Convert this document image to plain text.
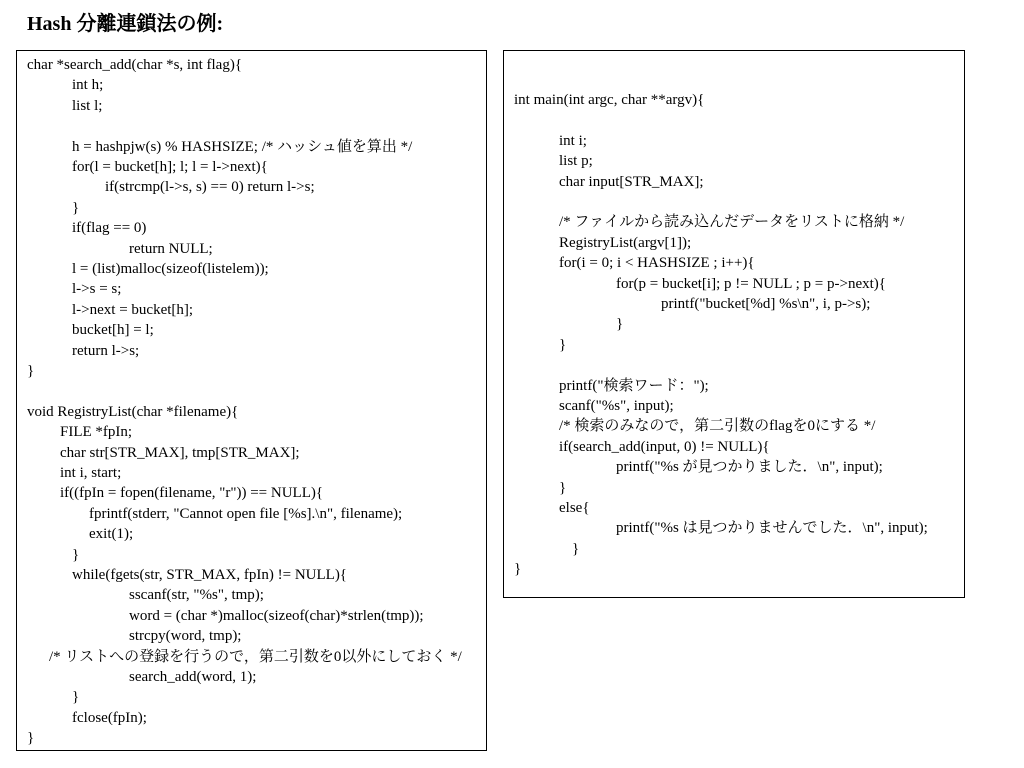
Hash 分離連鎖法の例:
char *search_add(char *s, int flag){
int h;
list l;
h = hashpjw(s) % HASHSIZE; /* ハッシュ値を算出 */
for(l = bucket[h]; l; l = l->next){
if(strcmp(l->s, s) == 0) return l->s;
}
if(flag == 0)
return NULL;
l = (list)malloc(sizeof(listelem));
l->s = s;
l->next = bucket[h];
bucket[h] = l;
return l->s;
}
void RegistryList(char *filename){
FILE *fpIn;
char str[STR_MAX], tmp[STR_MAX];
int i, start;
if((fpIn = fopen(filename, "r")) == NULL){
fprintf(stderr, "Cannot open file [%s].\n", filename);
exit(1);
}
while(fgets(str, STR_MAX, fpIn) != NULL){
sscanf(str, "%s", tmp);
word = (char *)malloc(sizeof(char)*strlen(tmp));
strcpy(word, tmp);
/* リストへの登録を行うので，第二引数を0以外にしておく */
search_add(word, 1);
}
fclose(fpIn);
}
int main(int argc, char **argv){
int i;
list p;
char input[STR_MAX];
/* ファイルから読み込んだデータをリストに格納 */
RegistryList(argv[1]);
for(i = 0; i < HASHSIZE ; i++){
for(p = bucket[i]; p != NULL ; p = p->next){
printf("bucket[%d] %s\n", i, p->s);
}
}
printf("検索ワード：");
scanf("%s", input);
/* 検索のみなので，第二引数のflagを0にする */
if(search_add(input, 0) != NULL){
printf("%s が見つかりました．\n", input);
}
else{
printf("%s は見つかりませんでした．\n", input);
}
}
